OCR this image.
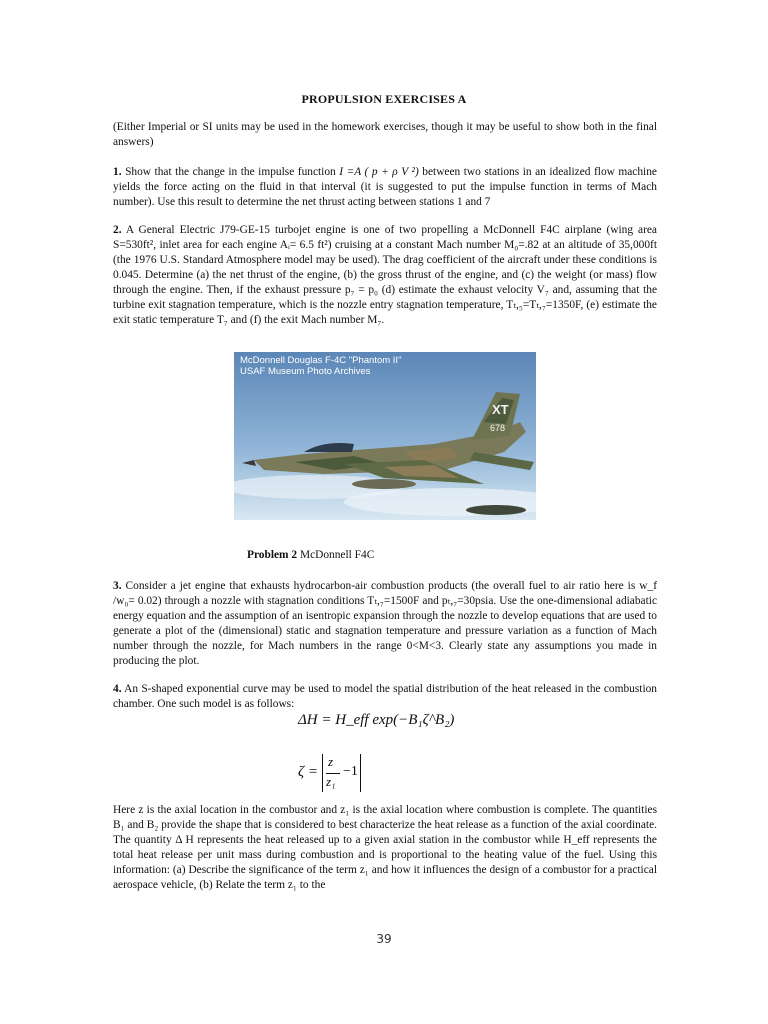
PROPULSION EXERCISES A

(Either Imperial or SI units may be used in the homework exercises, though it may be useful to show both in the final answers)

1. Show that the change in the impulse function I =A ( p + ρ V ²) between two stations in an idealized flow machine yields the force acting on the fluid in that interval (it is suggested to put the impulse function in terms of Mach number). Use this result to determine the net thrust acting between stations 1 and 7

2. A General Electric J79-GE-15 turbojet engine is one of two propelling a McDonnell F4C airplane (wing area S=530ft², inlet area for each engine Aᵢ= 6.5 ft²) cruising at a constant Mach number M₀=.82 at an altitude of 35,000ft (the 1976 U.S. Standard Atmosphere model may be used). The drag coefficient of the aircraft under these conditions is 0.045. Determine (a) the net thrust of the engine, (b) the gross thrust of the engine, and (c) the weight (or mass) flow through the engine. Then, if the exhaust pressure p₇ = p₀ (d) estimate the exhaust velocity V₇ and, assuming that the turbine exit stagnation temperature, which is the nozzle entry stagnation temperature, Tₜ,₅=Tₜ,₇=1350F, (e) estimate the exit static temperature T₇ and (f) the exit Mach number M₇.

XT
678
McDonnell Douglas F-4C "Phantom II"
USAF Museum Photo Archives
Problem 2 McDonnell F4C

3. Consider a jet engine that exhausts hydrocarbon-air combustion products (the overall fuel to air ratio here is w_f /w₀= 0.02) through a nozzle with stagnation conditions Tₜ,₇=1500F and pₜ,₇=30psia. Use the one-dimensional adiabatic energy equation and the assumption of an isentropic expansion through the nozzle to develop equations that are used to generate a plot of the (dimensional) static and stagnation temperature and pressure variation as a function of Mach number through the nozzle, for Mach numbers in the range 0<M<3. Clearly state any assumptions you made in producing the plot.

4. An S-shaped exponential curve may be used to model the spatial distribution of the heat released in the combustion chamber. One such model is as follows:

ΔH = H_eff exp(−B₁ζ^B₂)
ζ =
z
z₁
−1

Here z is the axial location in the combustor and z₁ is the axial location where combustion is complete. The quantities B₁ and B₂ provide the shape that is considered to best characterize the heat release as a function of the axial coordinate. The quantity Δ H represents the heat released up to a given axial station in the combustor while H_eff represents the total heat release per unit mass during combustion and is proportional to the heating value of the fuel. Using this information: (a) Describe the significance of the term z₁ and how it influences the design of a combustor for a practical aerospace vehicle, (b) Relate the term z₁ to the

39
